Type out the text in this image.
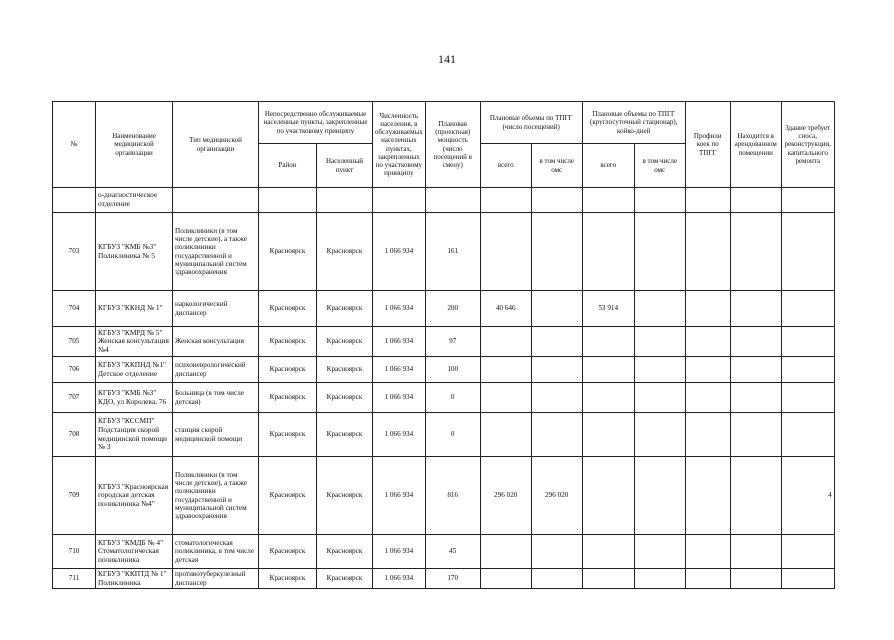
141
№	Наименование медицинской организации	Тип медицинской организации	Непосредственно обслуживаемые населенные пункты, закрепленные по участковому принципу		Численность населения, в обслуживаемых населенных пунктах, закрепленных по участковому принципу	Плановая (проектная) мощность (число посещений в смену)	Плановые объемы по ТПГГ (число посещений)		Плановые объемы по ТПГГ (круглосуточный стационар), койко-дней		Профили коек по ТПГГ	Находится в арендованном помещении	Здание требует сноса, реконструкции, капитального ремонта
			Район	Населенный пункт			всего	в том числе омс	всего	в том числе омс			
	о-диагностическое отделение												
703	КГБУЗ "КМБ №3" Поликлиника № 5	Поликлиники (в том числе детские), а также поликлиники государственной и муниципальной систем здравоохранения	Красноярск	Красноярск	1 066 934	161							
704	КГБУЗ "ККНД № 1"	наркологический диспансер	Красноярск	Красноярск	1 066 934	200	40 646		53 914				
705	КГБУЗ "КМРД № 5" Женская консультация №4	Женская консультация	Красноярск	Красноярск	1 066 934	97							
706	КГБУЗ "ККПНД №1" Детское отделение	психоневрологический диспансер	Красноярск	Красноярск	1 066 934	100							
707	КГБУЗ "КМБ №3" КДО, ул Королева, 76	Больница (в том числе детская)	Красноярск	Красноярск	1 066 934	0							
708	КГБУЗ "КССМП" Подстанция скорой медицинской помощи № 3	станция скорой медицинской помощи	Красноярск	Красноярск	1 066 934	0							
709	КГБУЗ "Красноярская городская детская поликлиника №4"	Поликлиники (в том числе детские), а также поликлиники государственной и муниципальной систем здравоохранения	Красноярск	Красноярск	1 066 934	816	296 020	296 020					4
710	КГБУЗ "КМДБ № 4" Стоматологическая поликлиника	стоматологическая поликлиника, в том числе детская	Красноярск	Красноярск	1 066 934	45							
711	КГБУЗ "ККПТД № 1" Поликлиника	противотуберкулезный диспансер	Красноярск	Красноярск	1 066 934	170							
